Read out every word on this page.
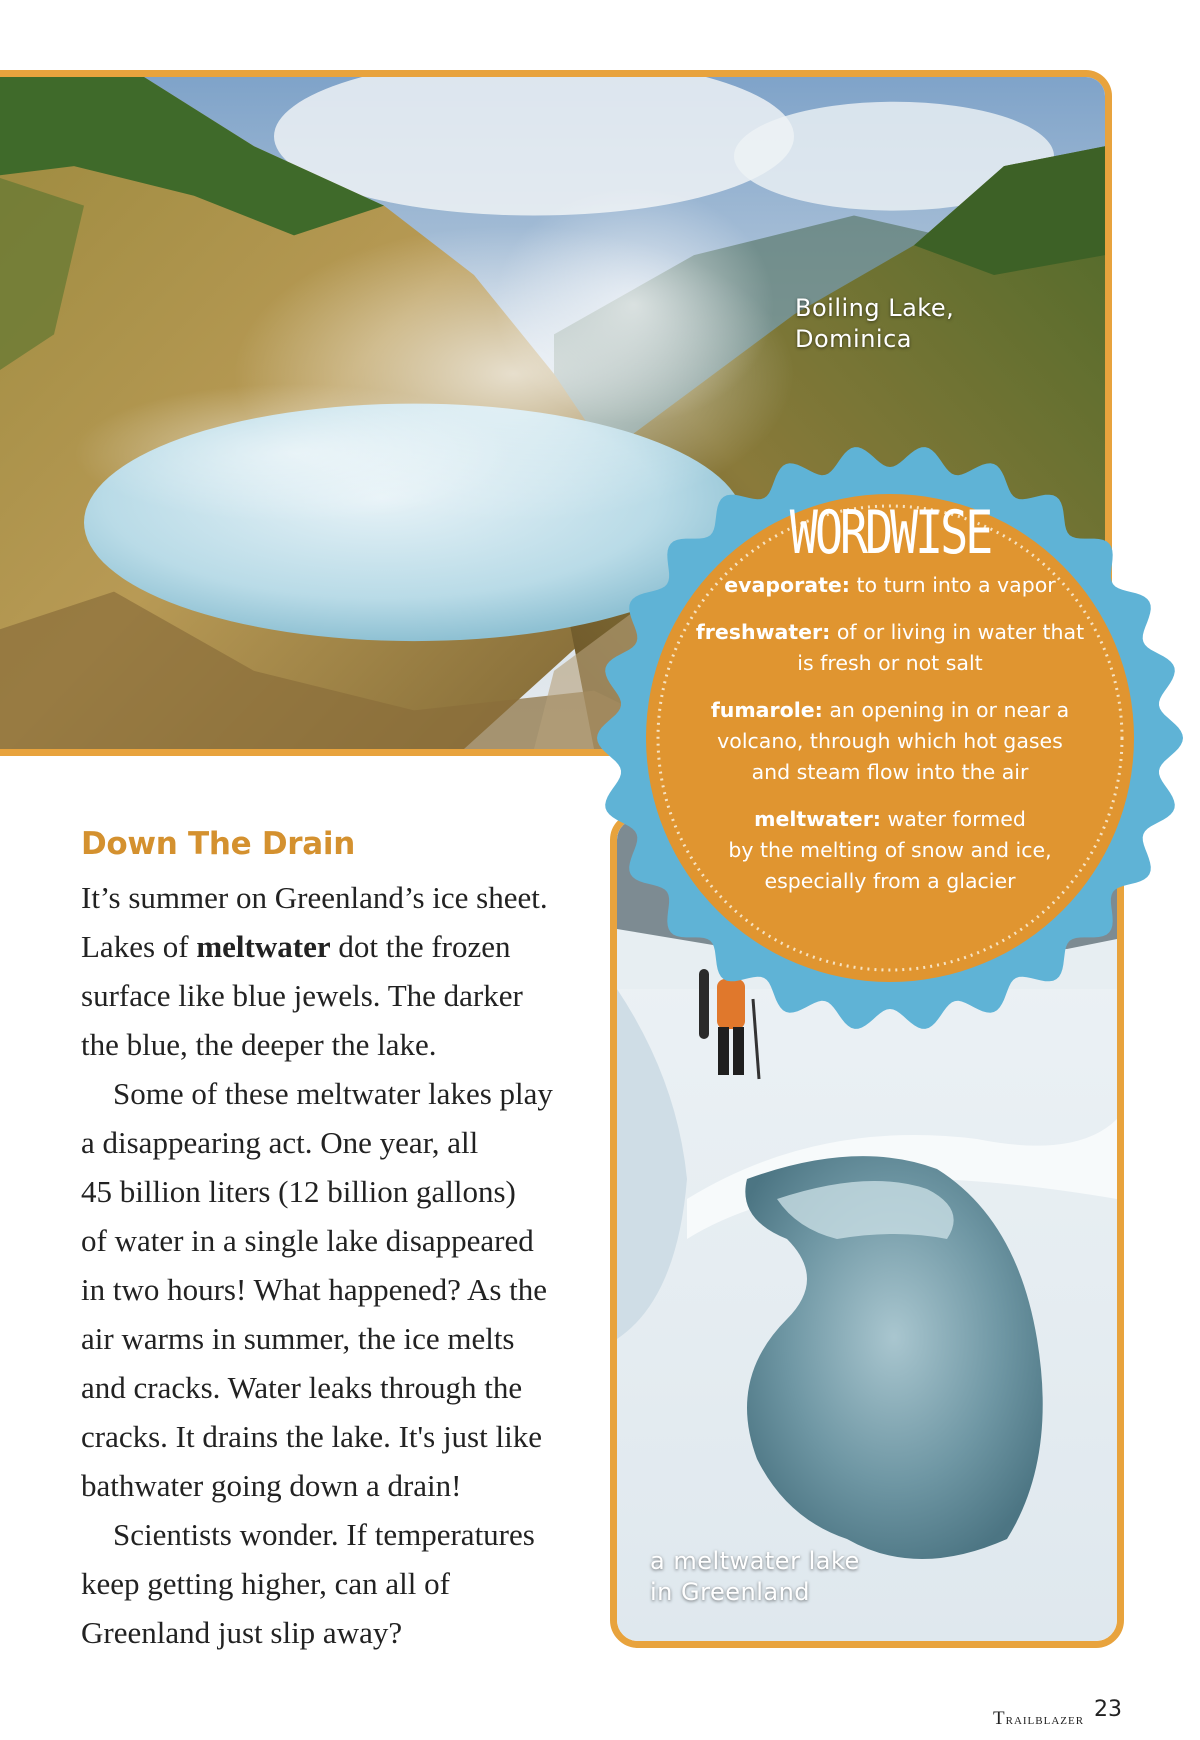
Boiling Lake,
Dominica
a meltwater lake
in Greenland
WORDWISE
evaporate: to turn into a vapor
freshwater: of or living in water that
is fresh or not salt
fumarole: an opening in or near a
volcano, through which hot gases
and steam flow into the air
meltwater: water formed
by the melting of snow and ice,
especially from a glacier
Down The Drain
It’s summer on Greenland’s ice sheet.
Lakes of meltwater dot the frozen
surface like blue jewels. The darker
the blue, the deeper the lake.
Some of these meltwater lakes play
a disappearing act. One year, all
45 billion liters (12 billion gallons)
of water in a single lake disappeared
in two hours! What happened? As the
air warms in summer, the ice melts
and cracks. Water leaks through the
cracks. It drains the lake. It's just like
bathwater going down a drain!
Scientists wonder. If temperatures
keep getting higher, can all of
Greenland just slip away?
Trailblazer 23
